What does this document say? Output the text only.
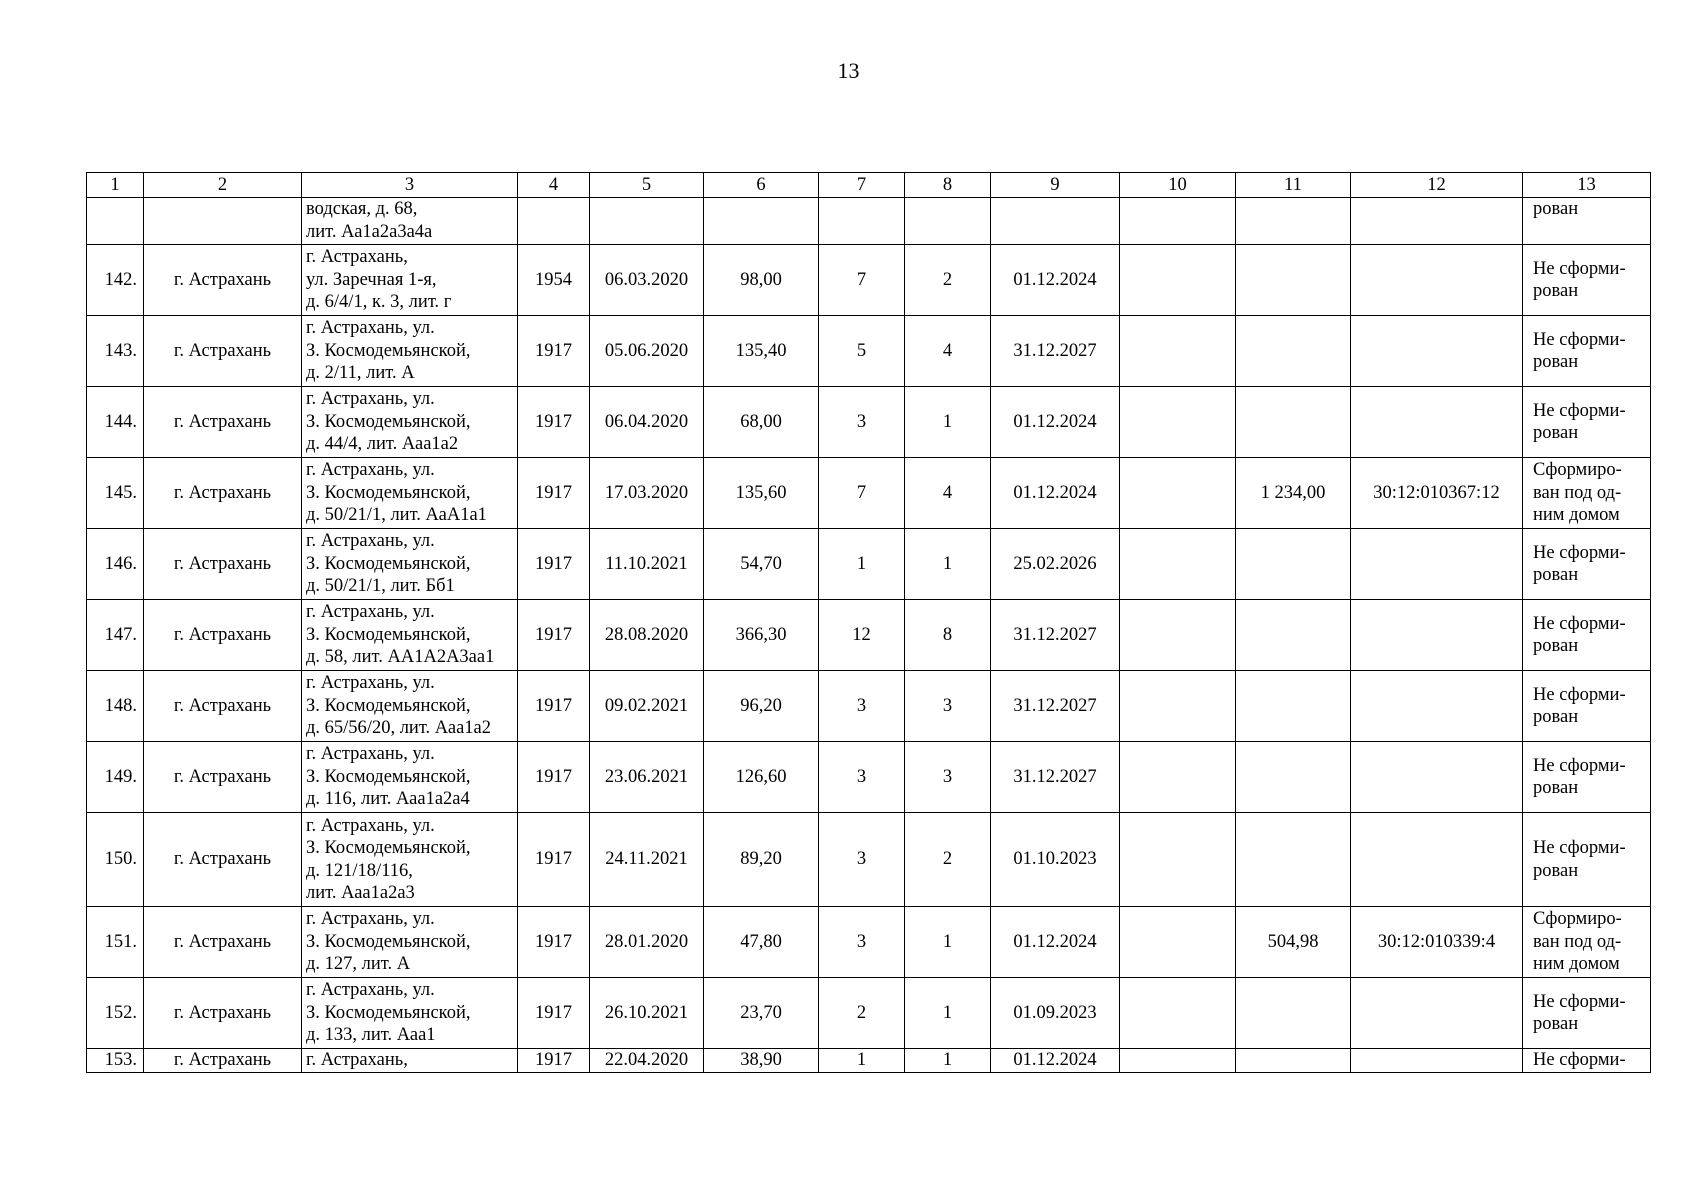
13
1	2	3	4	5	6	7	8	9	10	11	12	13

		водская, д. 68,
лит. Аа1а2а3а4а										рован

142.	г. Астрахань	г. Астрахань,
ул. Заречная 1-я,
д. 6/4/1, к. 3, лит. г	1954	06.03.2020	98,00	7	2	01.12.2024				Не сформи-
рован

143.	г. Астрахань	г. Астрахань, ул.
З. Космодемьянской,
д. 2/11, лит. А	1917	05.06.2020	135,40	5	4	31.12.2027				Не сформи-
рован

144.	г. Астрахань	г. Астрахань, ул.
З. Космодемьянской,
д. 44/4, лит. Ааа1а2	1917	06.04.2020	68,00	3	1	01.12.2024				Не сформи-
рован

145.	г. Астрахань	г. Астрахань, ул.
З. Космодемьянской,
д. 50/21/1, лит. АаА1а1	1917	17.03.2020	135,60	7	4	01.12.2024		1 234,00	30:12:010367:12	Сформиро-
ван под од-
ним домом

146.	г. Астрахань	г. Астрахань, ул.
З. Космодемьянской,
д. 50/21/1, лит. Бб1	1917	11.10.2021	54,70	1	1	25.02.2026				Не сформи-
рован

147.	г. Астрахань	г. Астрахань, ул.
З. Космодемьянской,
д. 58, лит. АА1А2А3аа1	1917	28.08.2020	366,30	12	8	31.12.2027				Не сформи-
рован

148.	г. Астрахань	г. Астрахань, ул.
З. Космодемьянской,
д. 65/56/20, лит. Ааа1а2	1917	09.02.2021	96,20	3	3	31.12.2027				Не сформи-
рован

149.	г. Астрахань	г. Астрахань, ул.
З. Космодемьянской,
д. 116, лит. Ааа1а2а4	1917	23.06.2021	126,60	3	3	31.12.2027				Не сформи-
рован

150.	г. Астрахань	г. Астрахань, ул.
З. Космодемьянской,
д. 121/18/116,
лит. Ааа1а2а3	1917	24.11.2021	89,20	3	2	01.10.2023				Не сформи-
рован

151.	г. Астрахань	г. Астрахань, ул.
З. Космодемьянской,
д. 127, лит. А	1917	28.01.2020	47,80	3	1	01.12.2024		504,98	30:12:010339:4	Сформиро-
ван под од-
ним домом

152.	г. Астрахань	г. Астрахань, ул.
З. Космодемьянской,
д. 133, лит. Ааа1	1917	26.10.2021	23,70	2	1	01.09.2023				Не сформи-
рован

153.	г. Астрахань	г. Астрахань,	1917	22.04.2020	38,90	1	1	01.12.2024				Не сформи-
